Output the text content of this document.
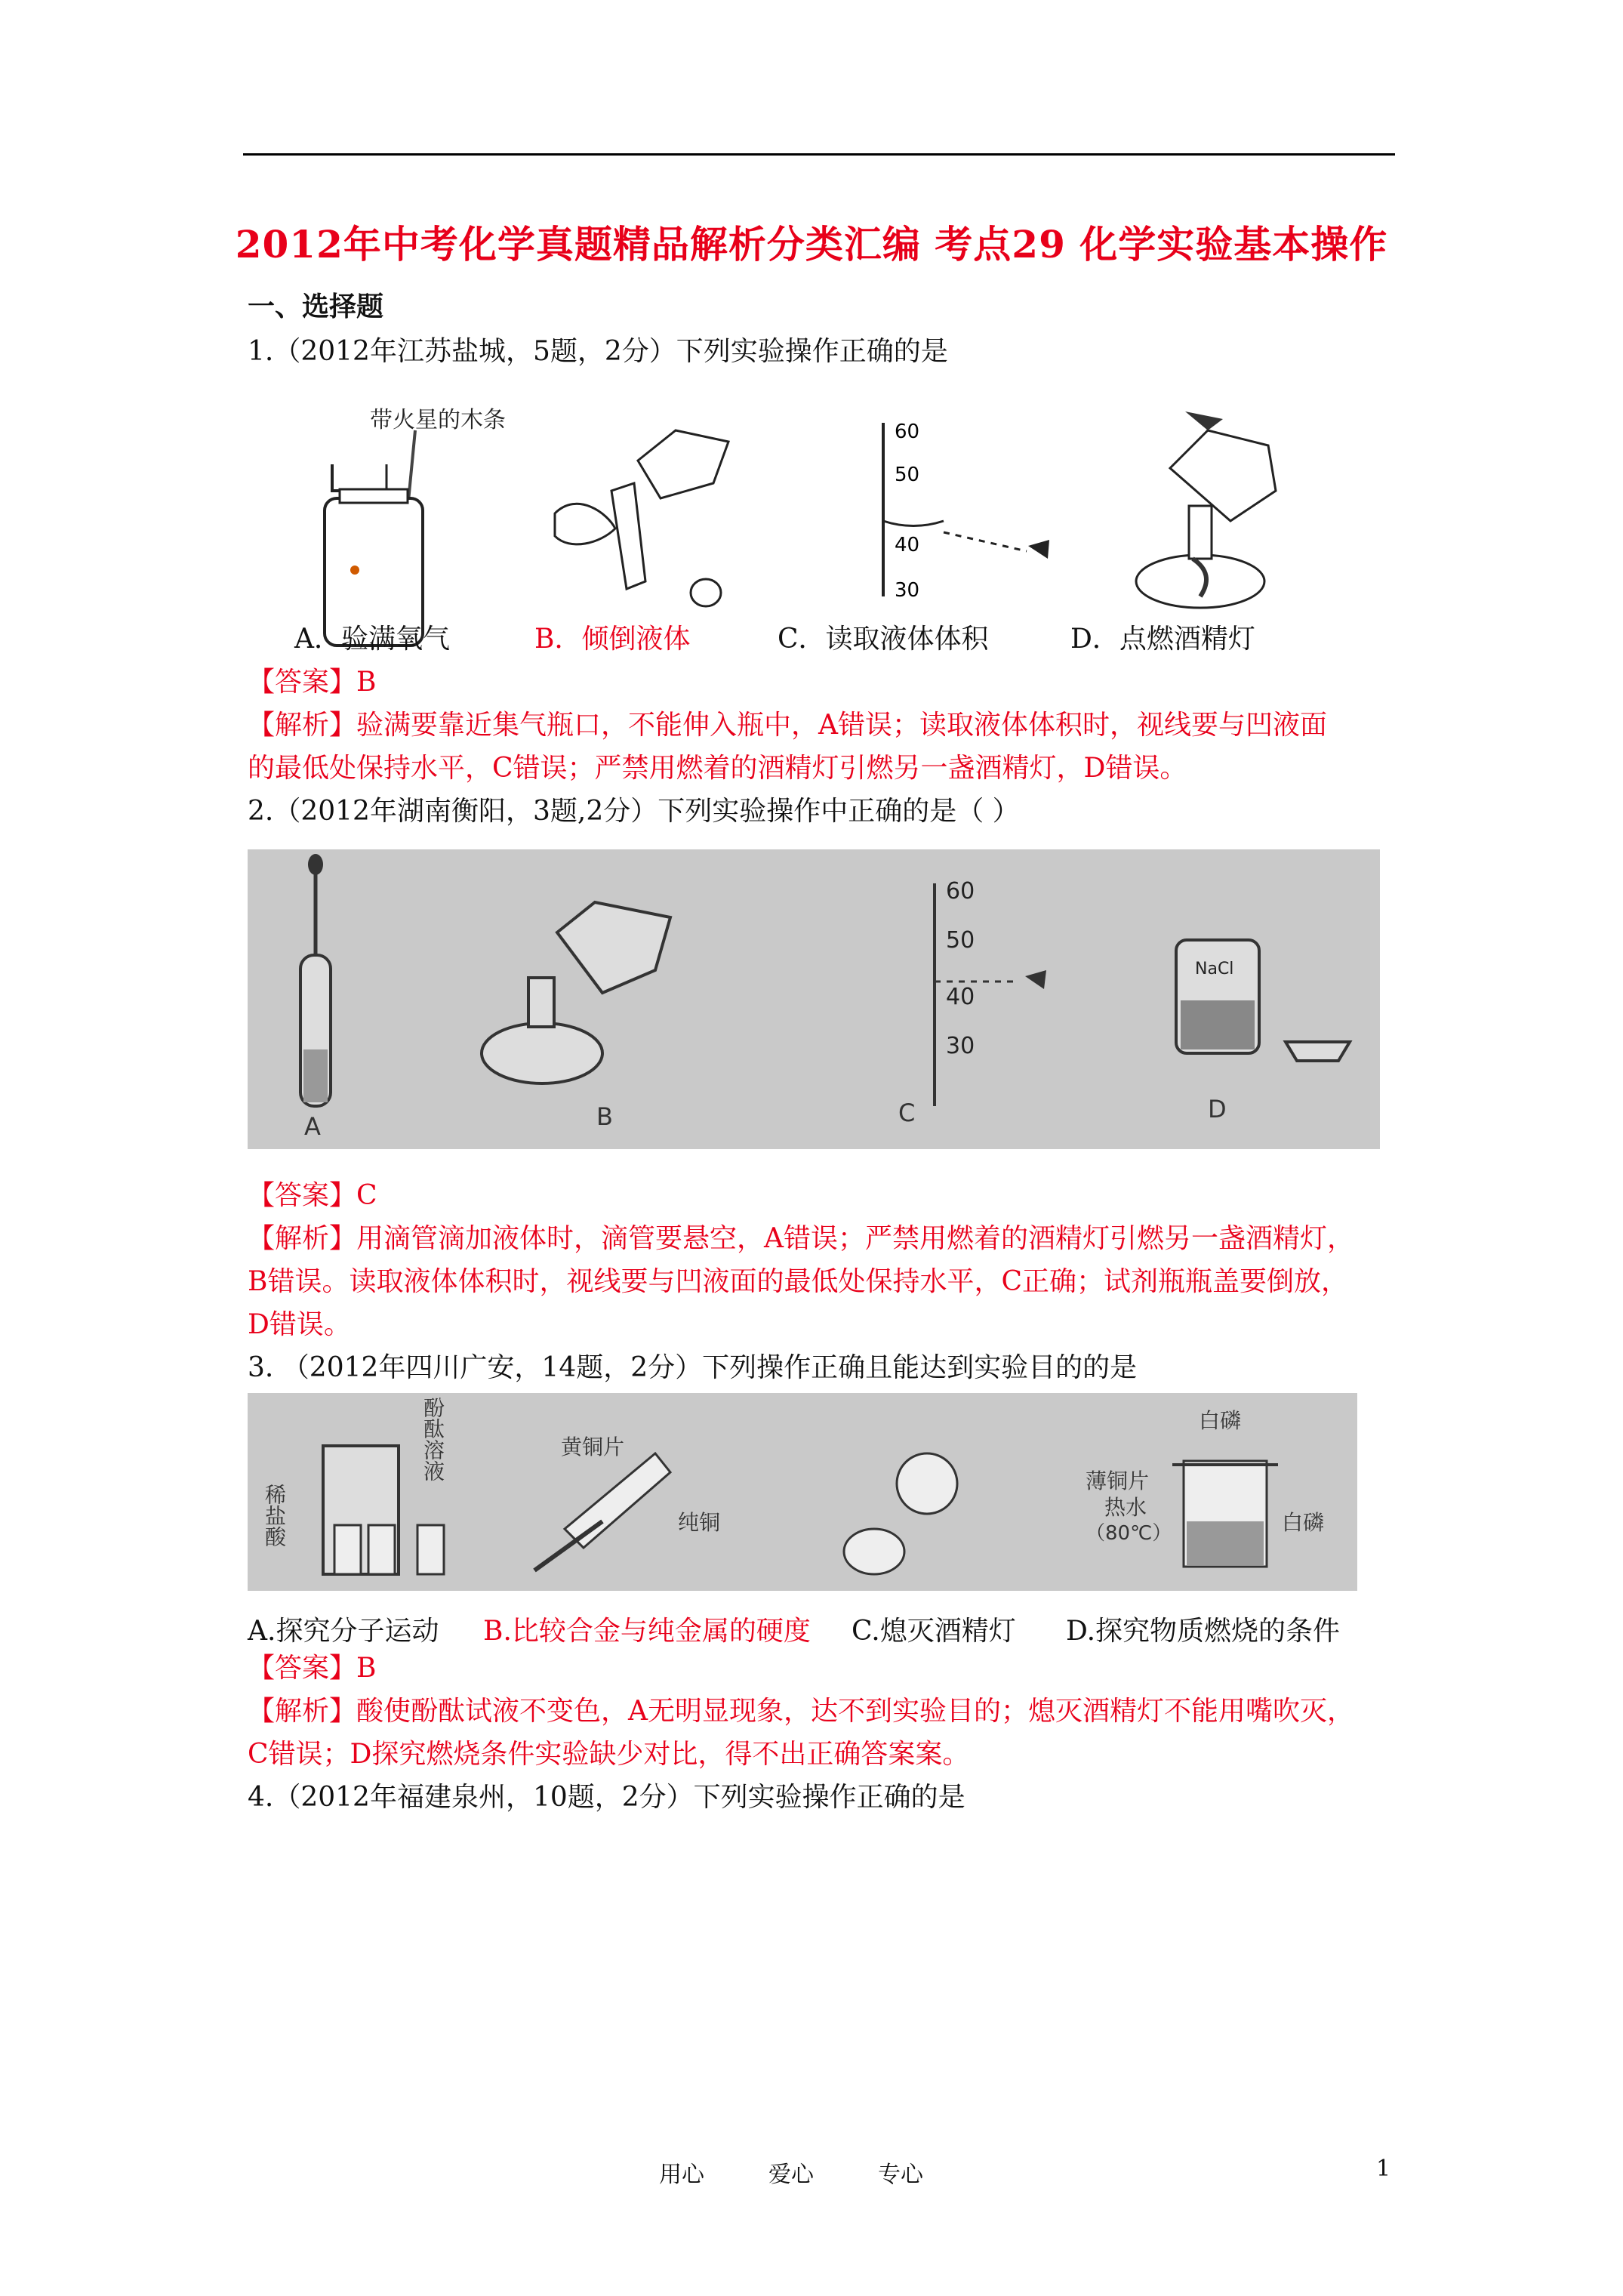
2012年中考化学真题精品解析分类汇编 考点29 化学实验基本操作
一、选择题
1.（2012年江苏盐城，5题，2分）下列实验操作正确的是
带火星的木条	60
50
40
30
A．验满氧气	B．倾倒液体	C．读取液体体积	D．点燃酒精灯
【答案】B
【解析】验满要靠近集气瓶口，不能伸入瓶中，A错误；读取液体体积时，视线要与凹液面
的最低处保持水平，C错误；严禁用燃着的酒精灯引燃另一盏酒精灯，D错误。
2.（2012年湖南衡阳，3题,2分）下列实验操作中正确的是（ ）
60
50
40
30
NaCl
A	B	C	D
【答案】C
【解析】用滴管滴加液体时，滴管要悬空，A错误；严禁用燃着的酒精灯引燃另一盏酒精灯，
B错误。读取液体体积时，视线要与凹液面的最低处保持水平，C正确；试剂瓶瓶盖要倒放，
D错误。
3. （2012年四川广安，14题，2分）下列操作正确且能达到实验目的的是
稀盐酸
酚酞溶液	黄铜片
纯铜
白磷
薄铜片
热水
（80℃）	白磷
A.探究分子运动 B.比较合金与纯金属的硬度 C.熄灭酒精灯 D.探究物质燃烧的条件
【答案】B
【解析】酸使酚酞试液不变色，A无明显现象，达不到实验目的；熄灭酒精灯不能用嘴吹灭，
C错误；D探究燃烧条件实验缺少对比，得不出正确答案案。
4.（2012年福建泉州，10题，2分）下列实验操作正确的是
用心	爱心	专心	1
